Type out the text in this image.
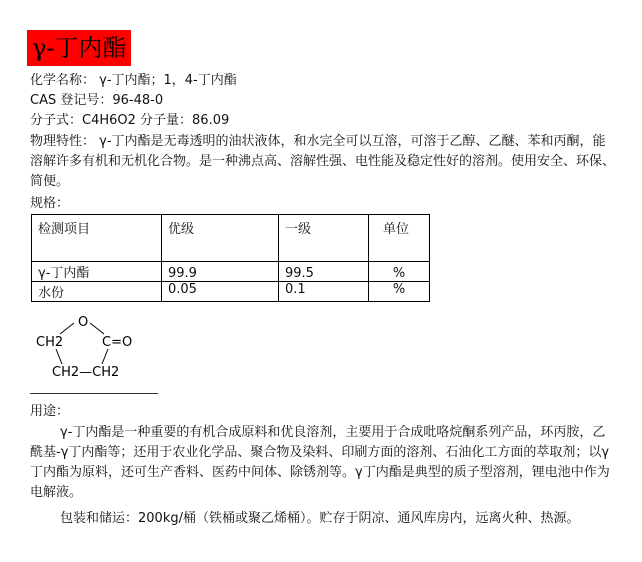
γ-丁内酯
化学名称： γ-丁内酯；1，4-丁内酯
CAS 登记号：96-48-0
分子式：C4H6O2 分子量：86.09
物理特性： γ-丁内酯是无毒透明的油状液体，和水完全可以互溶，可溶于乙醇、乙醚、苯和丙酮，能溶解许多有机和无机化合物。是一种沸点高、溶解性强、电性能及稳定性好的溶剂。使用安全、环保、简便。
规格：
检测项目	优级	一级	单位
γ-丁内酯	99.9	99.5	%
水份	0.05	0.1	%
O
CH2	C=O
CH2—CH2
用途：
γ-丁内酯是一种重要的有机合成原料和优良溶剂，主要用于合成吡咯烷酮系列产品，环丙胺，乙酰基-γ丁内酯等；还用于农业化学品、聚合物及染料、印刷方面的溶剂、石油化工方面的萃取剂；以γ丁内酯为原料，还可生产香料、医药中间体、除锈剂等。γ丁内酯是典型的质子型溶剂，锂电池中作为电解液。
包装和储运：200kg/桶（铁桶或聚乙烯桶）。贮存于阴凉、通风库房内，远离火种、热源。
